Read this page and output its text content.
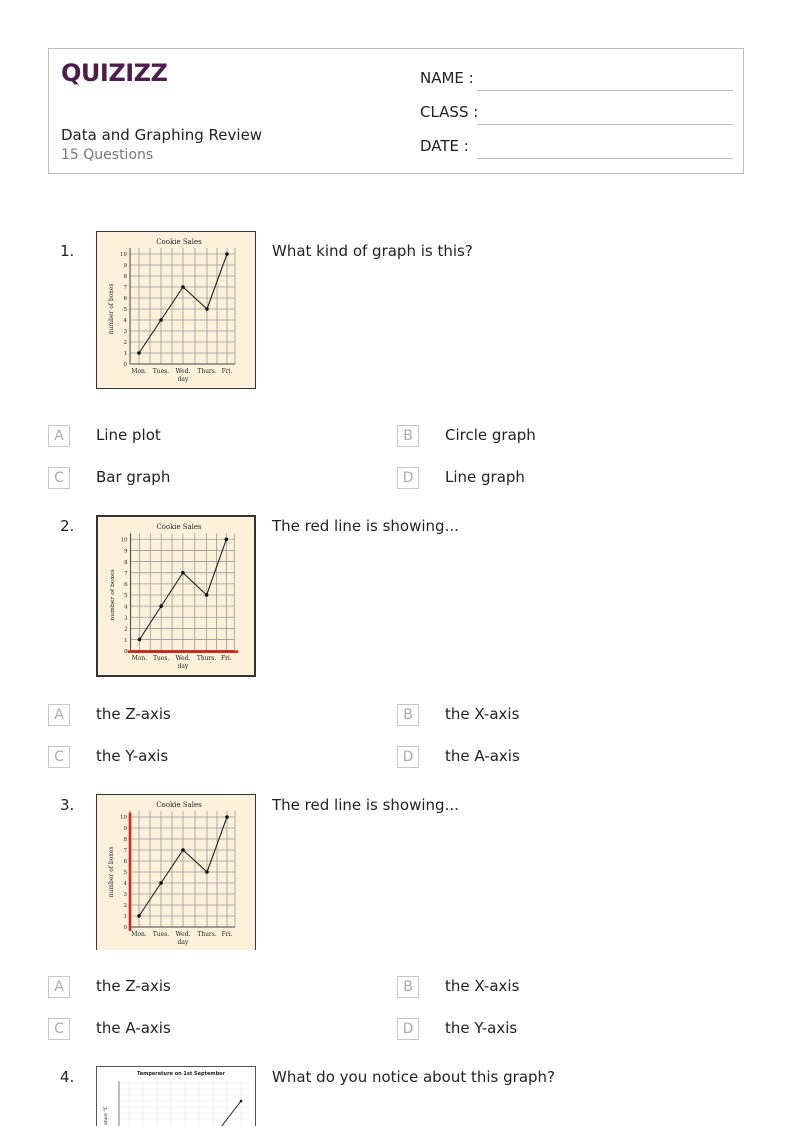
QUIZIZZ
Data and Graphing Review
15 Questions
NAME :
CLASS :
DATE :
1.	Cookie Sales
0
1
2
3
4
5
6
7
8
9
10
Mon. Tues. Wed. Thurs. Fri.
day
number of boxes
What kind of graph is this?
A	Line plot	B	Circle graph
C	Bar graph	D	Line graph
2.	Cookie Sales
0
1
2
3
4
5
6
7
8
9
10
Mon. Tues. Wed. Thurs. Fri.
day
number of boxes
The red line is showing...
A	the Z-axis	B	the X-axis
C	the Y-axis	D	the A-axis
3.	Cookie Sales
0
1
2
3
4
5
6
7
8
9
10
Mon. Tues. Wed. Thurs. Fri.
day
number of boxes
The red line is showing...
A	the Z-axis	B	the X-axis
C	the A-axis	D	the Y-axis
4.	Temperature on 1st September
ature °C
What do you notice about this graph?
